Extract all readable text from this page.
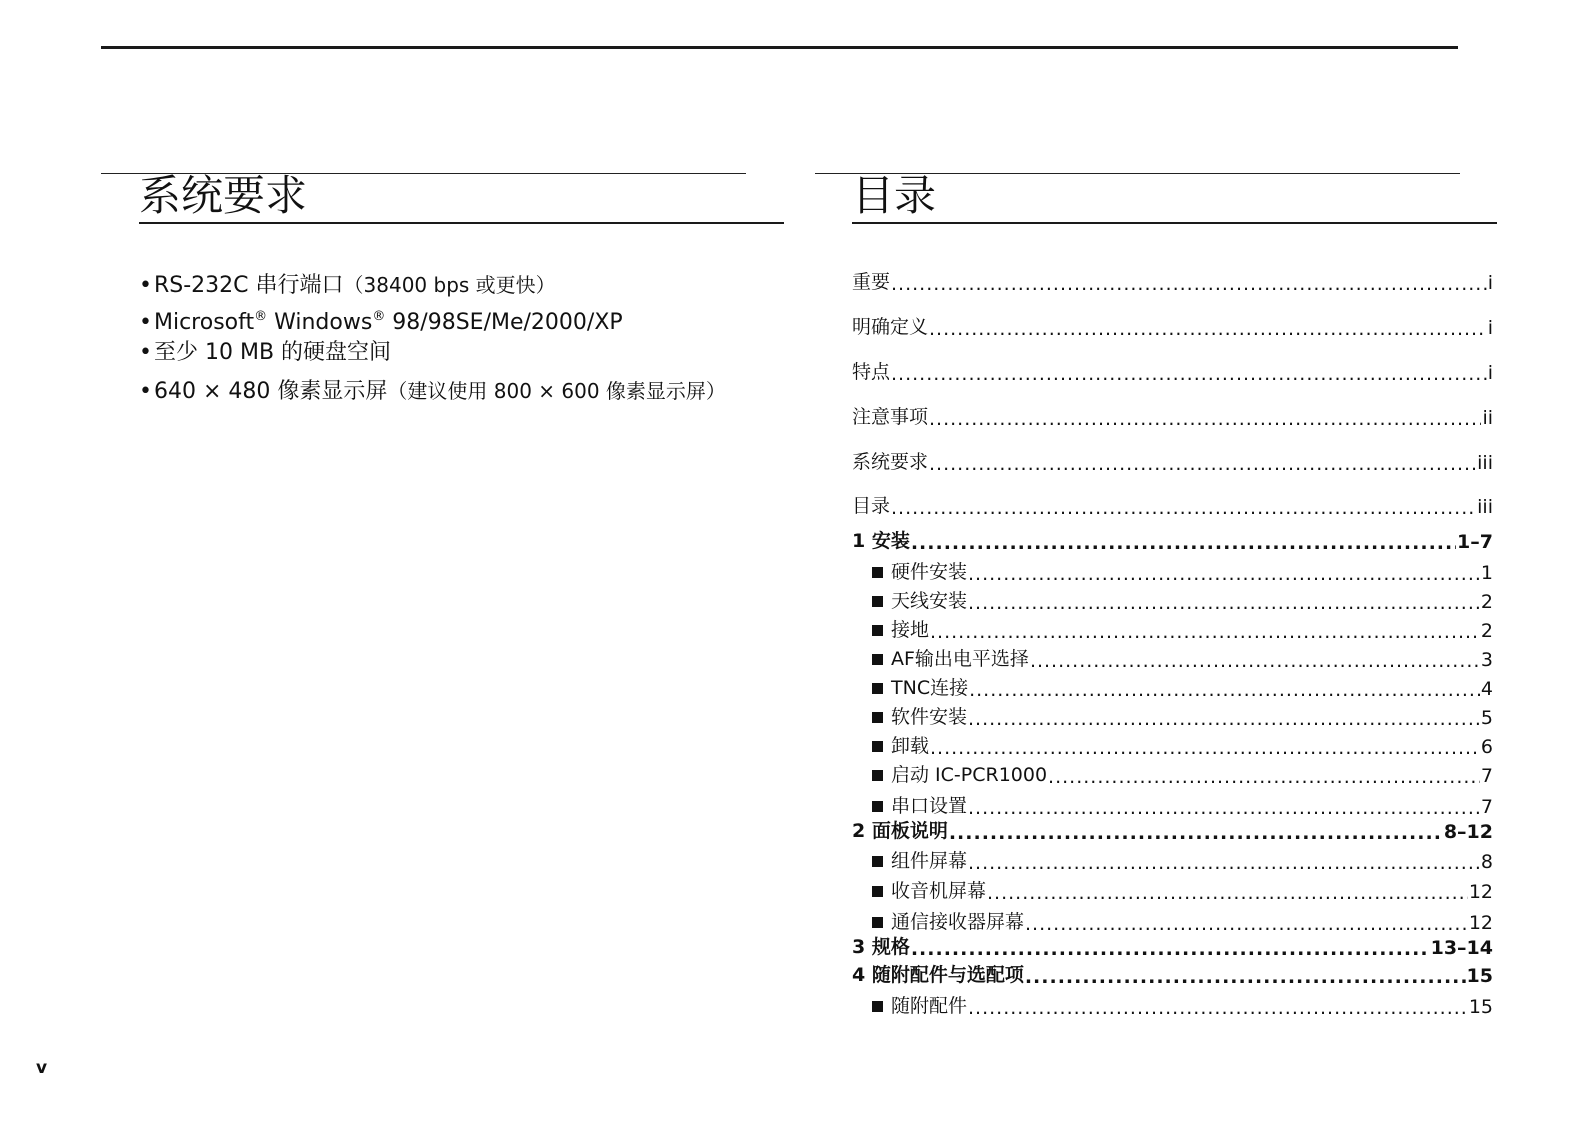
系统要求
•RS-232C 串行端口（38400 bps 或更快）
•Microsoft® Windows® 98/98SE/Me/2000/XP
•至少 10 MB 的硬盘空间
•640 × 480 像素显示屏（建议使用 800 × 600 像素显示屏）
目录
重要 .....	i
明确定义 .....	i
特点 .....	i
注意事项 .....	ii
系统要求 .....	iii
目录 .....	iii
1 安装 .....	1–7
硬件安装 .....	1
天线安装 .....	2
接地 .....	2
AF输出电平选择 .....	3
TNC连接 .....	4
软件安装 .....	5
卸载 .....	6
启动 IC-PCR1000 .....	7
串口设置 .....	7
2 面板说明 .....	8–12
组件屏幕 .....	8
收音机屏幕 .....	12
通信接收器屏幕 .....	12
3 规格 .....	13–14
4 随附配件与选配项 .....	15
随附配件 .....	15
v
